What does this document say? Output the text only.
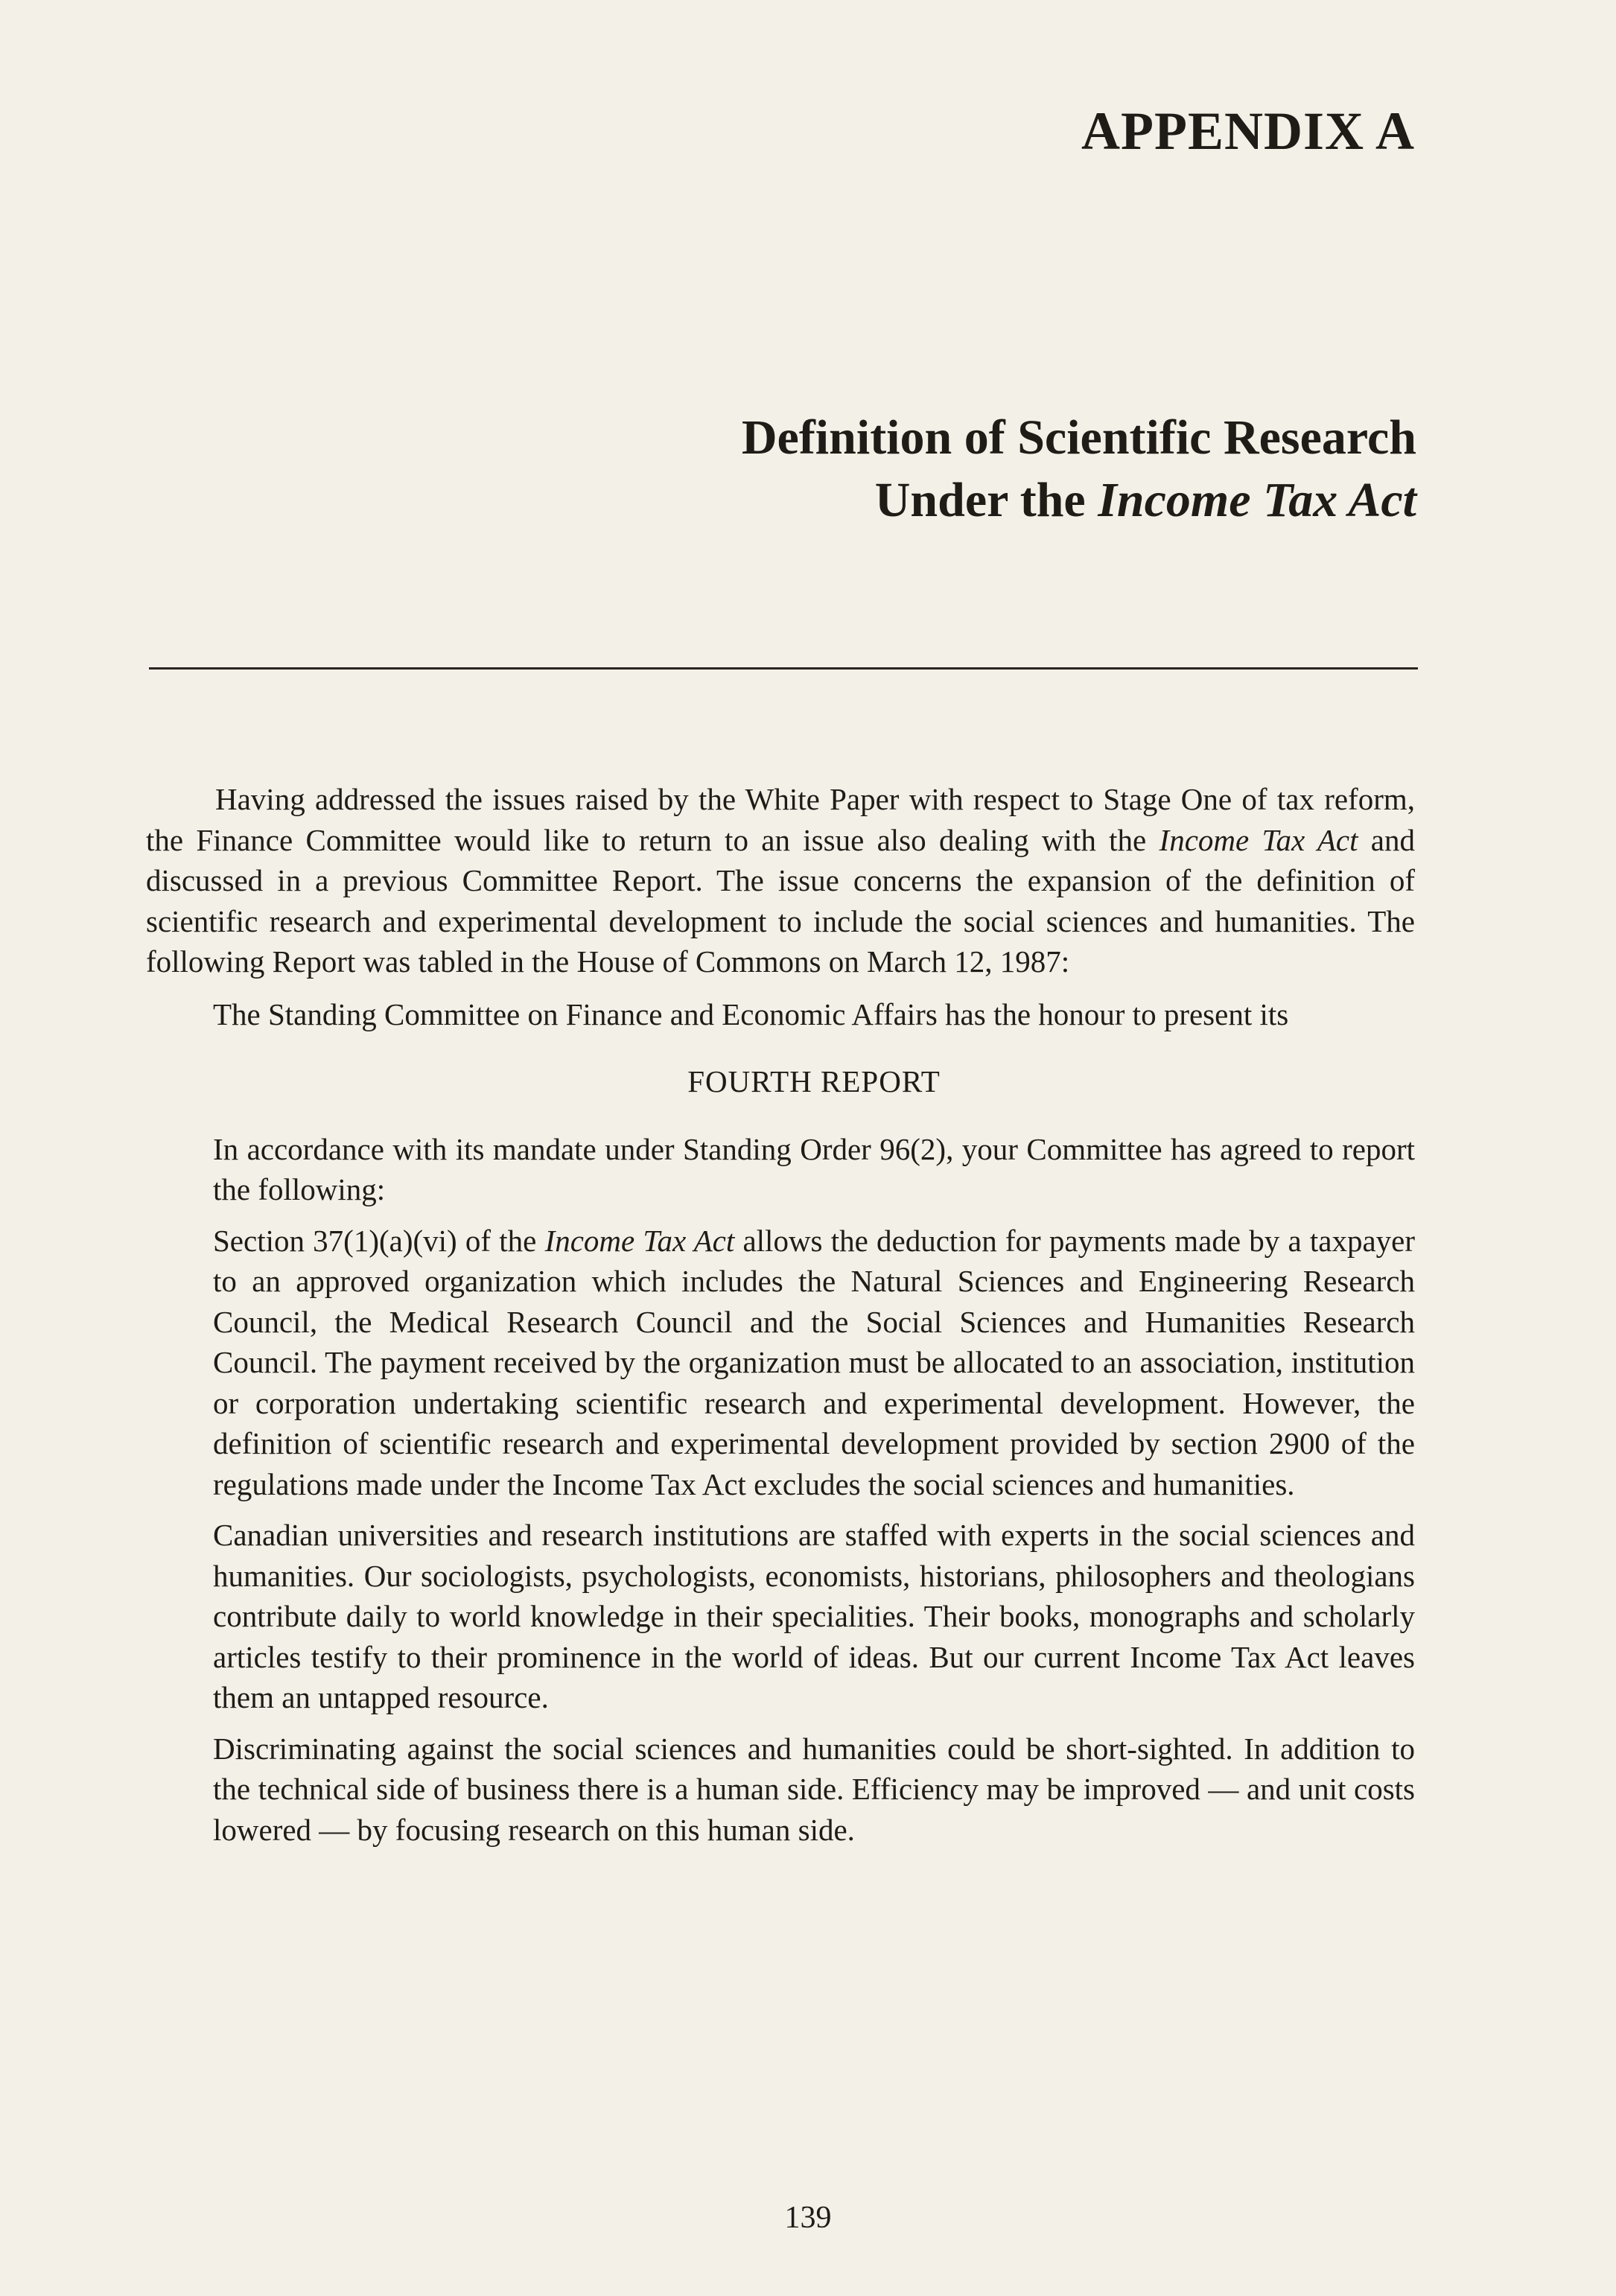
APPENDIX A
Definition of Scientific Research
Under the Income Tax Act

Having addressed the issues raised by the White Paper with respect to Stage One of tax reform, the Finance Committee would like to return to an issue also dealing with the Income Tax Act and discussed in a previous Committee Report. The issue concerns the expansion of the definition of scientific research and experimental development to include the social sciences and humanities. The following Report was tabled in the House of Commons on March 12, 1987:

The Standing Committee on Finance and Economic Affairs has the honour to present its

FOURTH REPORT

In accordance with its mandate under Standing Order 96(2), your Committee has agreed to report the following:

Section 37(1)(a)(vi) of the Income Tax Act allows the deduction for payments made by a taxpayer to an approved organization which includes the Natural Sciences and Engineering Research Council, the Medical Research Council and the Social Sciences and Humanities Research Council. The payment received by the organization must be allocated to an association, institution or corporation undertaking scientific research and experimental development. However, the definition of scientific research and experimental development provided by section 2900 of the regulations made under the Income Tax Act excludes the social sciences and humanities.

Canadian universities and research institutions are staffed with experts in the social sciences and humanities. Our sociologists, psychologists, economists, historians, philosophers and theologians contribute daily to world knowledge in their specialities. Their books, monographs and scholarly articles testify to their prominence in the world of ideas. But our current Income Tax Act leaves them an untapped resource.

Discriminating against the social sciences and humanities could be short-sighted. In addition to the technical side of business there is a human side. Efficiency may be improved — and unit costs lowered — by focusing research on this human side.

139
